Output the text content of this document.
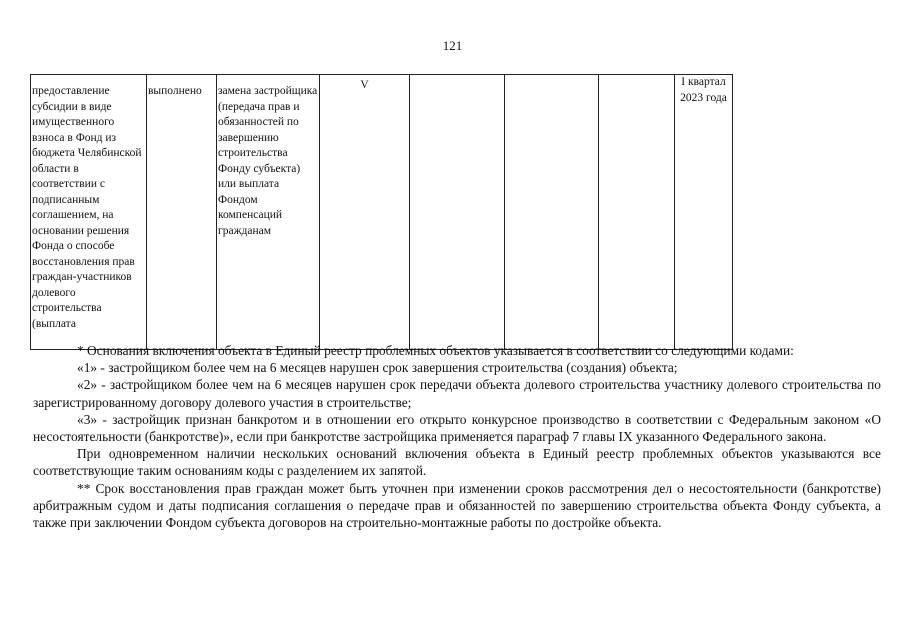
121
предоставление субсидии в виде имущественного взноса в Фонд из бюджета Челябинской области в соответствии с подписанным соглашением, на основании решения Фонда о способе восстановления прав граждан-участников долевого строительства (выплата	выполнено	замена застройщика (передача прав и обязанностей по завершению строительства Фонду субъекта) или выплата Фондом компенсаций гражданам	V				I квартал 2023 года

* Основания включения объекта в Единый реестр проблемных объектов указывается в соответствии со следующими кодами:

«1» - застройщиком более чем на 6 месяцев нарушен срок завершения строительства (создания) объекта;

«2» - застройщиком более чем на 6 месяцев нарушен срок передачи объекта долевого строительства участнику долевого строительства по зарегистрированному договору долевого участия в строительстве;

«3» - застройщик признан банкротом и в отношении его открыто конкурсное производство в соответствии с Федеральным законом «О несостоятельности (банкротстве)», если при банкротстве застройщика применяется параграф 7 главы IX указанного Федерального закона.

При одновременном наличии нескольких оснований включения объекта в Единый реестр проблемных объектов указываются все соответствующие таким основаниям коды с разделением их запятой.

** Срок восстановления прав граждан может быть уточнен при изменении сроков рассмотрения дел о несостоятельности (банкротстве) арбитражным судом и даты подписания соглашения о передаче прав и обязанностей по завершению строительства объекта Фонду субъекта, а также при заключении Фондом субъекта договоров на строительно-монтажные работы по достройке объекта.
